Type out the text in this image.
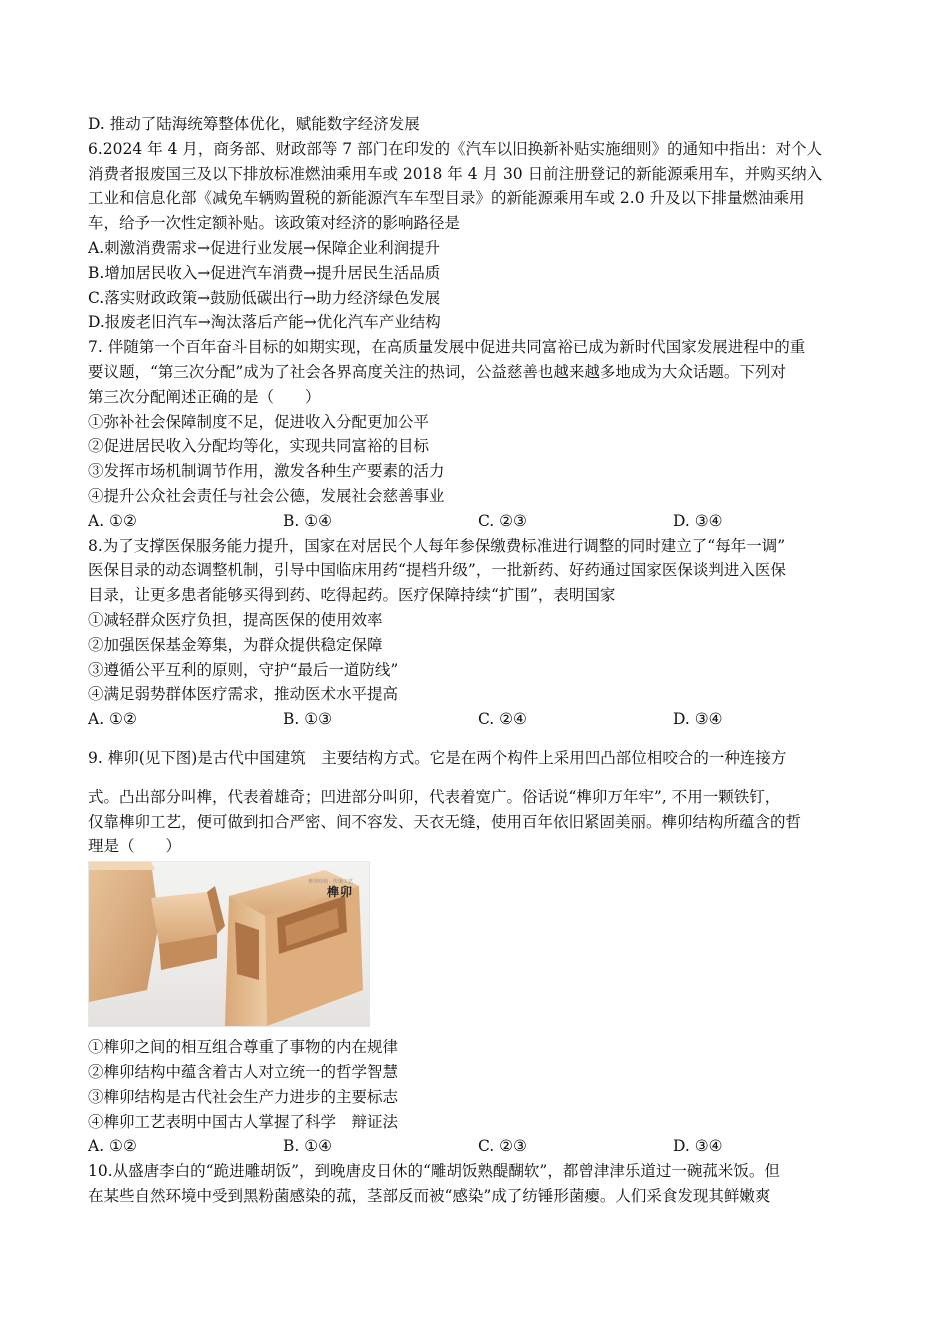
D. 推动了陆海统筹整体优化，赋能数字经济发展
6.2024 年 4 月，商务部、财政部等 7 部门在印发的《汽车以旧换新补贴实施细则》的通知中指出：对个人
消费者报废国三及以下排放标准燃油乘用车或 2018 年 4 月 30 日前注册登记的新能源乘用车，并购买纳入
工业和信息化部《减免车辆购置税的新能源汽车车型目录》的新能源乘用车或 2.0 升及以下排量燃油乘用
车，给予一次性定额补贴。该政策对经济的影响路径是
A.刺激消费需求→促进行业发展→保障企业利润提升
B.增加居民收入→促进汽车消费→提升居民生活品质
C.落实财政政策→鼓励低碳出行→助力经济绿色发展
D.报废老旧汽车→淘汰落后产能→优化汽车产业结构
7. 伴随第一个百年奋斗目标的如期实现，在高质量发展中促进共同富裕已成为新时代国家发展进程中的重
要议题，“第三次分配”成为了社会各界高度关注的热词，公益慈善也越来越多地成为大众话题。下列对
第三次分配阐述正确的是（　　）
①弥补社会保障制度不足，促进收入分配更加公平
②促进居民收入分配均等化，实现共同富裕的目标
③发挥市场机制调节作用，激发各种生产要素的活力
④提升公众社会责任与社会公德，发展社会慈善事业
A. ①②	B. ①④	C. ②③	D. ③④
8.为了支撑医保服务能力提升，国家在对居民个人每年参保缴费标准进行调整的同时建立了“每年一调”
医保目录的动态调整机制，引导中国临床用药“提档升级”，一批新药、好药通过国家医保谈判进入医保
目录，让更多患者能够买得到药、吃得起药。医疗保障持续“扩围”，表明国家
①减轻群众医疗负担，提高医保的使用效率
②加强医保基金筹集，为群众提供稳定保障
③遵循公平互利的原则，守护“最后一道防线”
④满足弱势群体医疗需求，推动医术水平提高
A. ①②	B. ①③	C. ②④	D. ③④
9. 榫卯(见下图)是古代中国建筑　主要结构方式。它是在两个构件上采用凹凸部位相咬合的一种连接方
式。凸出部分叫榫，代表着雄奇；凹进部分叫卯，代表着宽广。俗话说“榫卯万年牢”, 不用一颗铁钉，
仅靠榫卯工艺，便可做到扣合严密、间不容发、天衣无缝，使用百年依旧紧固美丽。榫卯结构所蕴含的哲
理是（　　）
榫卯结构 · 传统工艺
榫卯
①榫卯之间的相互组合尊重了事物的内在规律
②榫卯结构中蕴含着古人对立统一的哲学智慧
③榫卯结构是古代社会生产力进步的主要标志
④榫卯工艺表明中国古人掌握了科学　辩证法
A. ①②	B. ①④	C. ②③	D. ③④
10.从盛唐李白的“跪进雕胡饭”，到晚唐皮日休的“雕胡饭熟醍醐软”，都曾津津乐道过一碗菰米饭。但
在某些自然环境中受到黑粉菌感染的菰，茎部反而被“感染”成了纺锤形菌瘿。人们采食发现其鲜嫩爽
